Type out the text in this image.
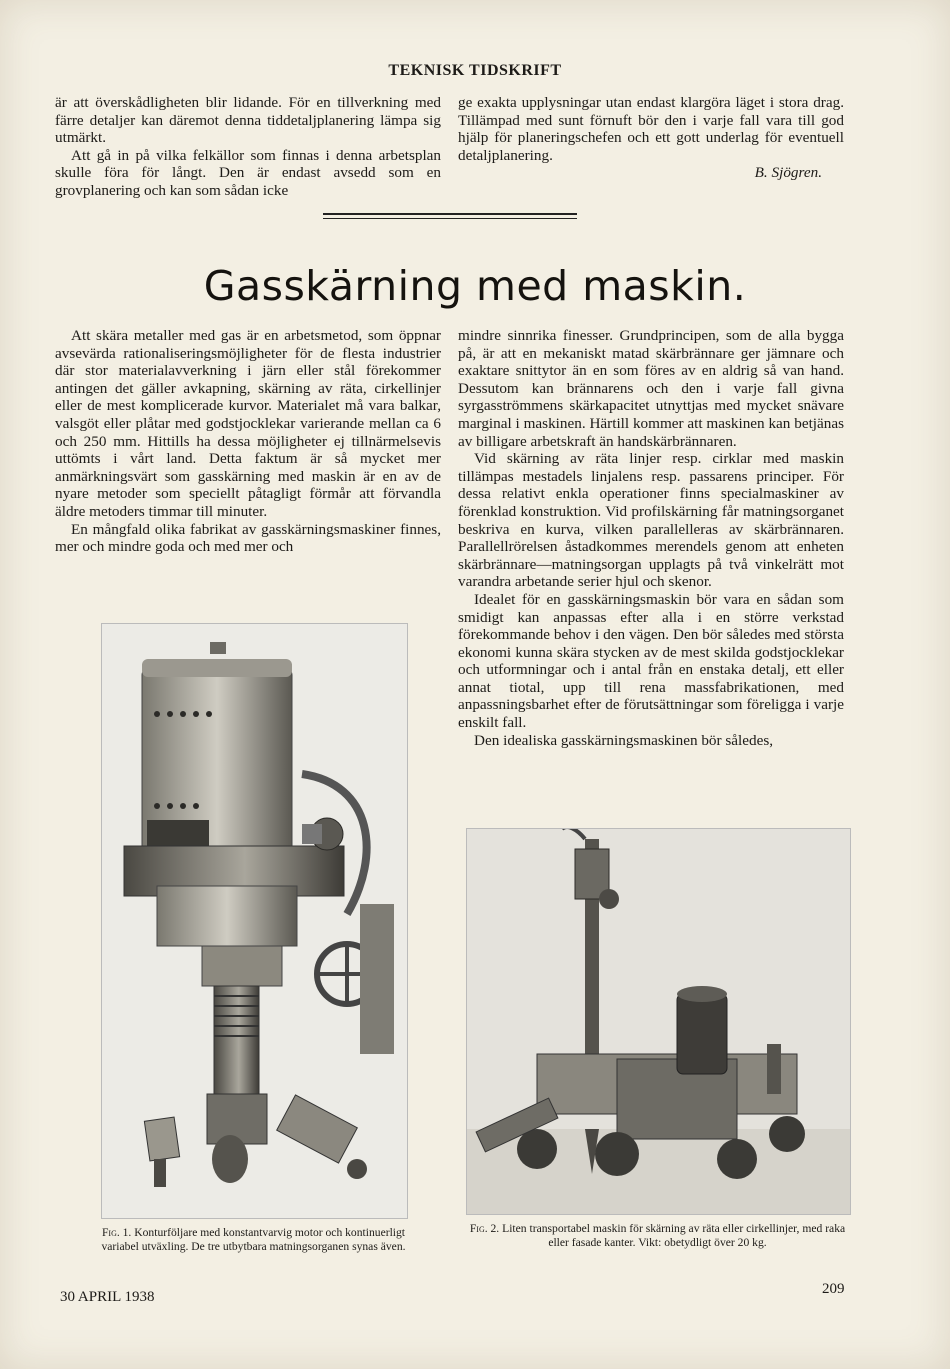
TEKNISK TIDSKRIFT

är att överskådligheten blir lidande. För en tillverkning med färre detaljer kan däremot denna tiddetaljplanering lämpa sig utmärkt.

Att gå in på vilka felkällor som finnas i denna arbetsplan skulle föra för långt. Den är endast avsedd som en grovplanering och kan som sådan icke

ge exakta upplysningar utan endast klargöra läget i stora drag. Tillämpad med sunt förnuft bör den i varje fall vara till god hjälp för planeringschefen och ett gott underlag för eventuell detaljplanering.

B. Sjögren.

Gasskärning med maskin.

Att skära metaller med gas är en arbetsmetod, som öppnar avsevärda rationaliseringsmöjligheter för de flesta industrier där stor materialavverkning i järn eller stål förekommer antingen det gäller avkapning, skärning av räta, cirkellinjer eller de mest komplicerade kurvor. Materialet må vara balkar, valsgöt eller plåtar med godstjocklekar varierande mellan ca 6 och 250 mm. Hittills ha dessa möjligheter ej tillnärmelsevis uttömts i vårt land. Detta faktum är så mycket mer anmärkningsvärt som gasskärning med maskin är en av de nyare metoder som speciellt påtagligt förmår att förvandla äldre metoders timmar till minuter.

En mångfald olika fabrikat av gasskärningsmaskiner finnes, mer och mindre goda och med mer och

mindre sinnrika finesser. Grundprincipen, som de alla bygga på, är att en mekaniskt matad skärbrännare ger jämnare och exaktare snittytor än en som föres av en aldrig så van hand. Dessutom kan brännarens och den i varje fall givna syrgasströmmens skärkapacitet utnyttjas med mycket snävare marginal i maskinen. Härtill kommer att maskinen kan betjänas av billigare arbetskraft än handskärbrännaren.

Vid skärning av räta linjer resp. cirklar med maskin tillämpas mestadels linjalens resp. passarens principer. För dessa relativt enkla operationer finns specialmaskiner av förenklad konstruktion. Vid profilskärning får matningsorganet beskriva en kurva, vilken parallelleras av skärbrännaren. Parallellrörelsen åstadkommes merendels genom att enheten skärbrännare—matningsorgan upplagts på två vinkelrätt mot varandra arbetande serier hjul och skenor.

Idealet för en gasskärningsmaskin bör vara en sådan som smidigt kan anpassas efter alla i en större verkstad förekommande behov i den vägen. Den bör således med största ekonomi kunna skära stycken av de mest skilda godstjocklekar och utformningar och i antal från en enstaka detalj, ett eller annat tiotal, upp till rena massfabrikationen, med anpassningsbarhet efter de förutsättningar som föreligga i varje enskilt fall.

Den idealiska gasskärningsmaskinen bör således,

Fig. 1. Konturföljare med konstantvarvig motor och kontinuerligt variabel utväxling. De tre utbytbara matningsorganen synas även.
Fig. 2. Liten transportabel maskin för skärning av räta eller cirkellinjer, med raka eller fasade kanter. Vikt: obetydligt över 20 kg.
30 APRIL 1938	209
